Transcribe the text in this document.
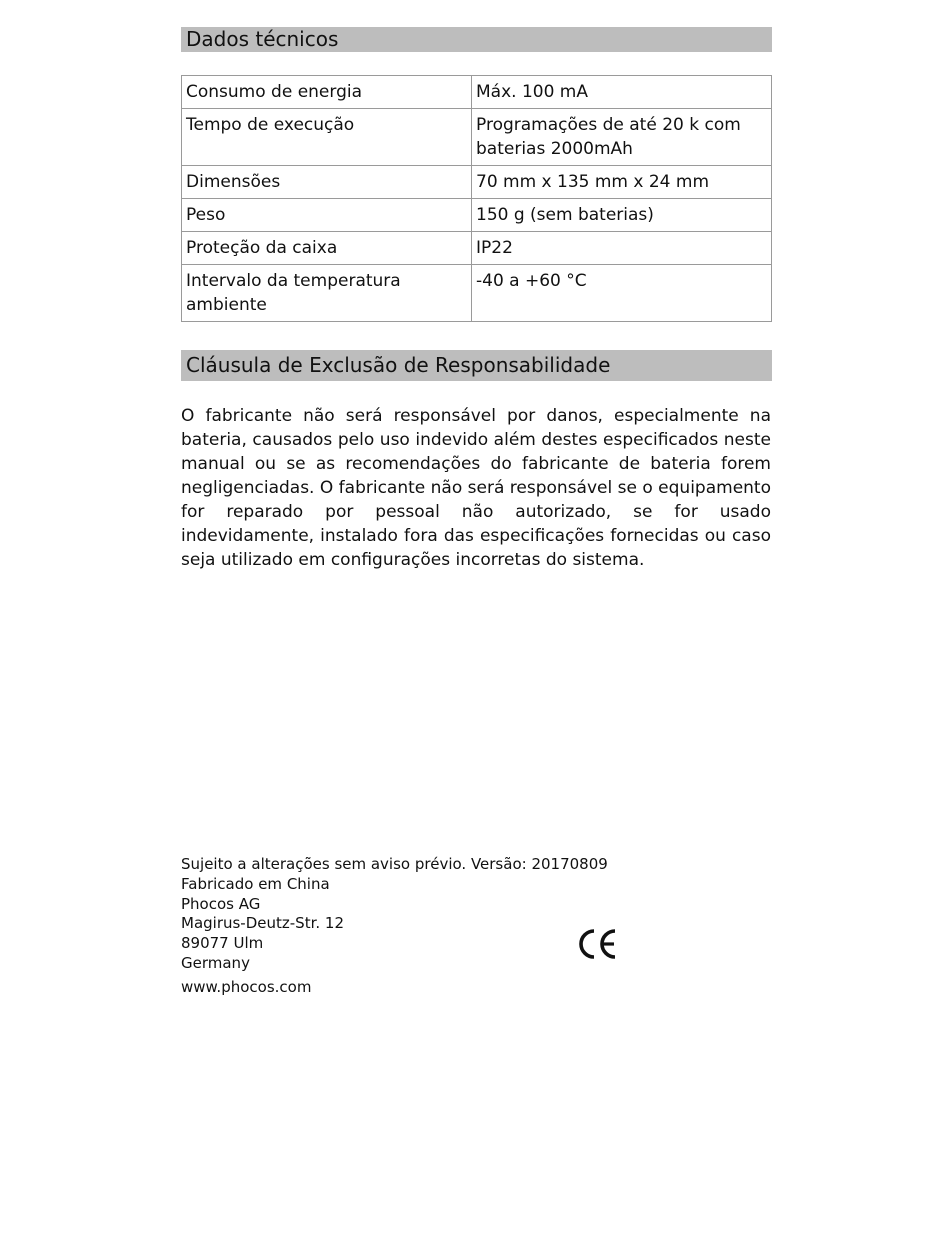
Dados técnicos
Consumo de energia	Máx. 100 mA
Tempo de execução	Programações de até 20 k com baterias 2000mAh
Dimensões	70 mm x 135 mm x 24 mm
Peso	150 g (sem baterias)
Proteção da caixa	IP22
Intervalo da temperatura ambiente	-40 a +60 °C
Cláusula de Exclusão de Responsabilidade
O fabricante não será responsável por danos, especialmente na bateria, causados pelo uso indevido além destes especificados neste manual ou se as recomendações do fabricante de bateria forem negligenciadas. O fabricante não será responsável se o equipamento for reparado por pessoal não autorizado, se for usado indevidamente, instalado fora das especificações fornecidas ou caso seja utilizado em configurações incorretas do sistema.
Sujeito a alterações sem aviso prévio. Versão: 20170809
Fabricado em China
Phocos AG
Magirus-Deutz-Str. 12
89077 Ulm
Germany
www.phocos.com
